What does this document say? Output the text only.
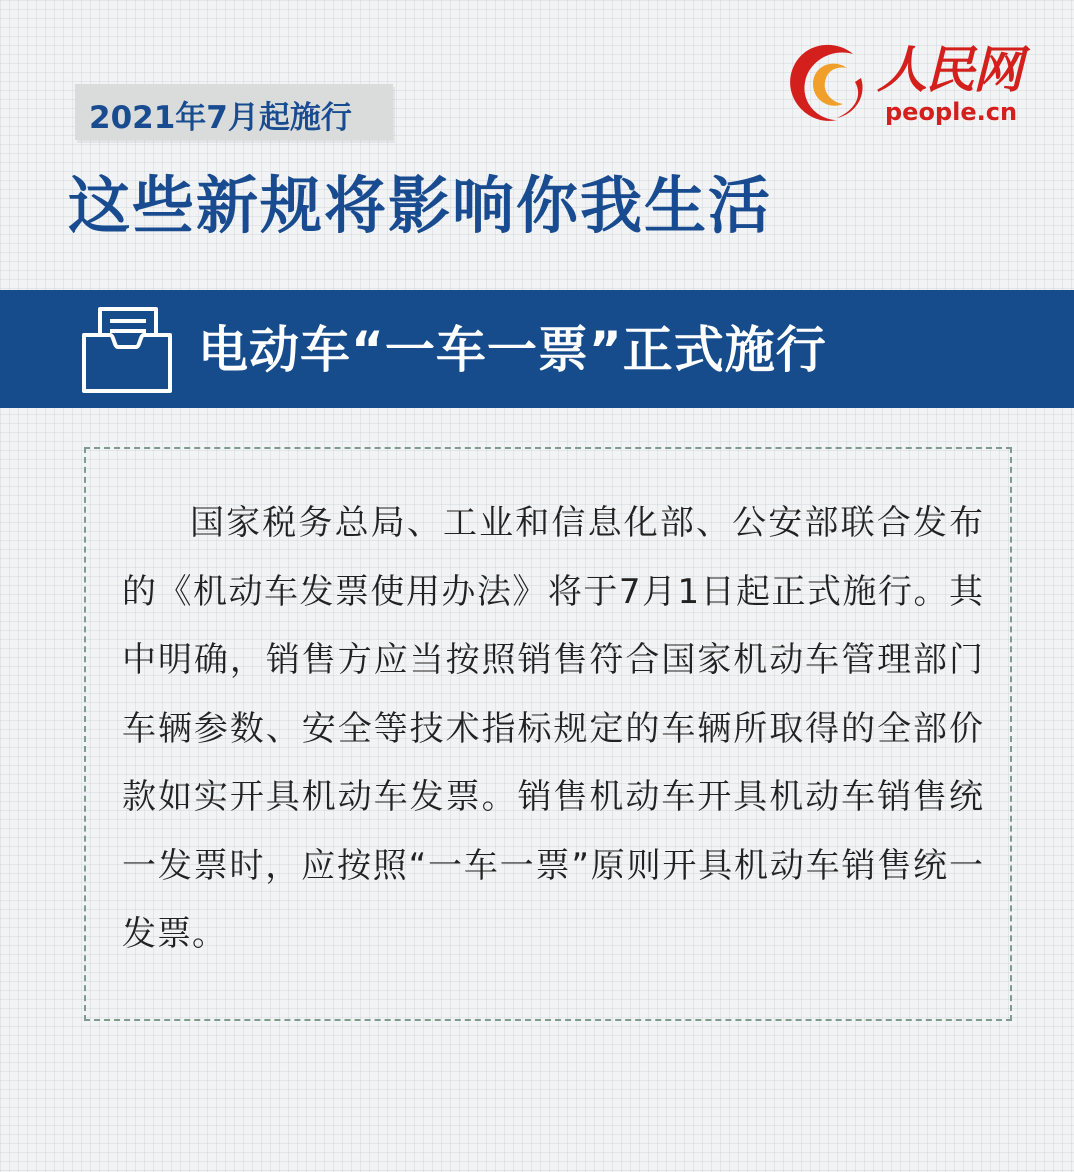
2021年7月起施行
这些新规将影响你我生活
人民网
people.cn
电动车“一车一票”正式施行

国家税务总局、工业和信息化部、公安部联合发布的《机动车发票使用办法》将于7月1日起正式施行。其中明确，销售方应当按照销售符合国家机动车管理部门车辆参数、安全等技术指标规定的车辆所取得的全部价款如实开具机动车发票。销售机动车开具机动车销售统一发票时，应按照“一车一票”原则开具机动车销售统一发票。
